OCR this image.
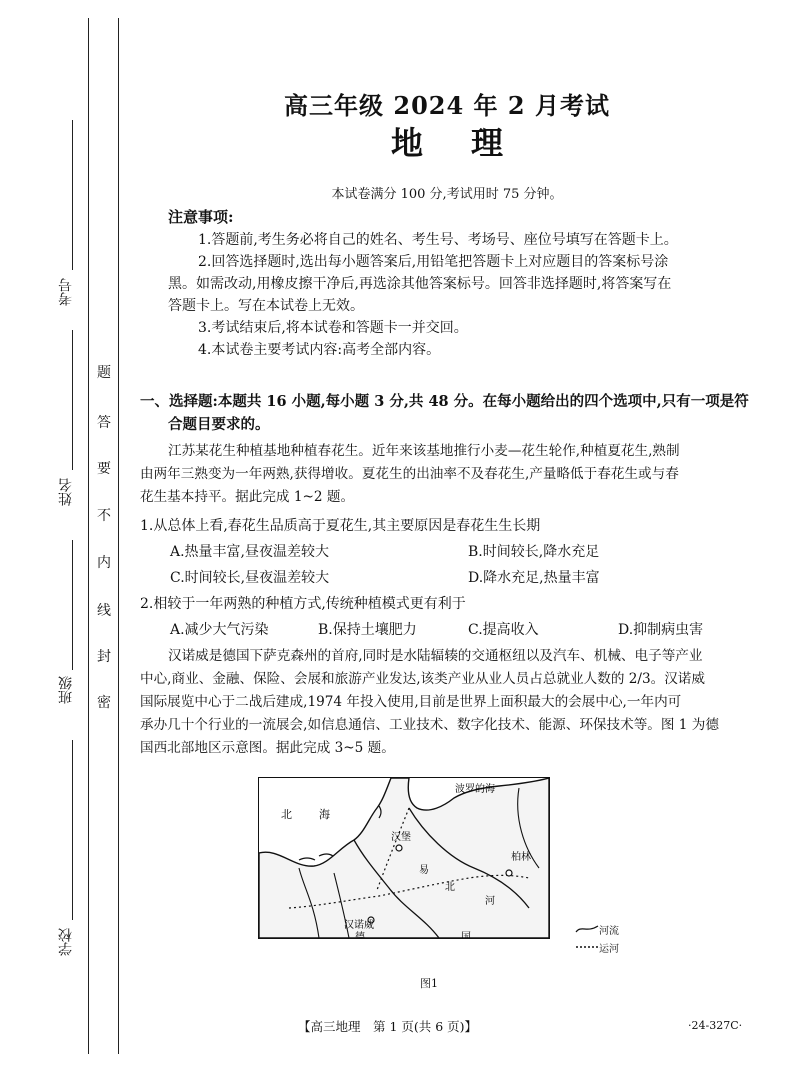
考号
姓名
班级
学校
题
答
要
不
内
线
封
密
高三年级 2024 年 2 月考试
地理
本试卷满分 100 分,考试用时 75 分钟。
注意事项:

1.答题前,考生务必将自己的姓名、考生号、考场号、座位号填写在答题卡上。

2.回答选择题时,选出每小题答案后,用铅笔把答题卡上对应题目的答案标号涂

黑。如需改动,用橡皮擦干净后,再选涂其他答案标号。回答非选择题时,将答案写在

答题卡上。写在本试卷上无效。

3.考试结束后,将本试卷和答题卡一并交回。

4.本试卷主要考试内容:高考全部内容。

一、选择题:本题共 16 小题,每小题 3 分,共 48 分。在每小题给出的四个选项中,只有一项是符
合题目要求的。

江苏某花生种植基地种植春花生。近年来该基地推行小麦—花生轮作,种植夏花生,熟制

由两年三熟变为一年两熟,获得增收。夏花生的出油率不及春花生,产量略低于春花生或与春

花生基本持平。据此完成 1~2 题。

1.从总体上看,春花生品质高于夏花生,其主要原因是春花生生长期
A.热量丰富,昼夜温差较大	B.时间较长,降水充足
C.时间较长,昼夜温差较大	D.降水充足,热量丰富
2.相较于一年两熟的种植方式,传统种植模式更有利于
A.减少大气污染	B.保持土壤肥力	C.提高收入	D.抑制病虫害

汉诺威是德国下萨克森州的首府,同时是水陆辐辏的交通枢纽以及汽车、机械、电子等产业

中心,商业、金融、保险、会展和旅游产业发达,该类产业从业人员占总就业人数的 2/3。汉诺威

国际展览中心于二战后建成,1974 年投入使用,目前是世界上面积最大的会展中心,一年内可

承办几十个行业的一流展会,如信息通信、工业技术、数字化技术、能源、环保技术等。图 1 为德

国西北部地区示意图。据此完成 3~5 题。

北 海
波罗的海
汉堡
汉诺威
柏林
易
北
河
德	国
河流
运河
图1
【高三地理　第 1 页(共 6 页)】	·24-327C·
